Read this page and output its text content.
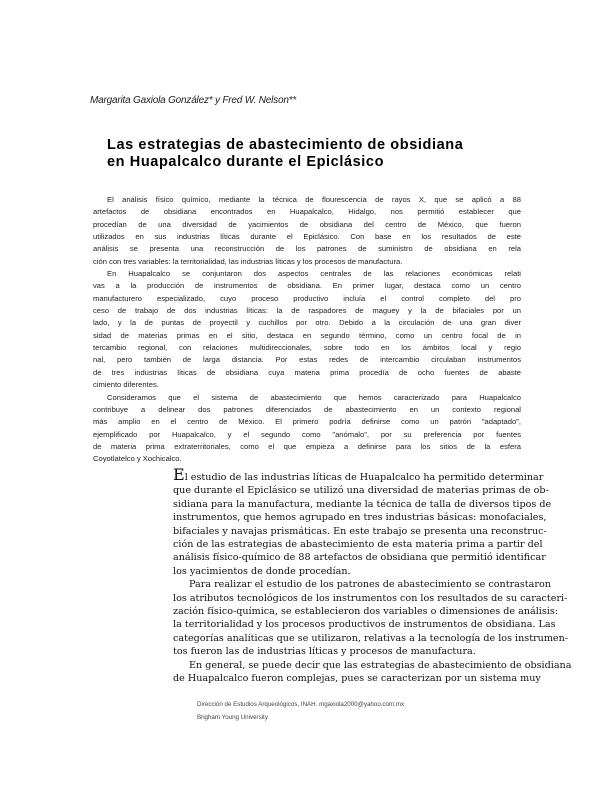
Margarita Gaxiola González* y Fred W. Nelson**
Las estrategias de abastecimiento de obsidiana
en Huapalcalco durante el Epiclásico
El análisis físico químico, mediante la técnica de flourescencia de rayos X, que se aplicó a 88
artefactos de obsidiana encontrados en Huapalcalco, Hidalgo, nos permitió establecer que
procedían de una diversidad de yacimientos de obsidiana del centro de México, que fueron
utilizados en sus industrias líticas durante el Epiclásico. Con base en los resultados de este
análisis se presenta una reconstrucción de los patrones de suministro de obsidiana en rela
ción con tres variables: la territorialidad, las industrias líticas y los procesos de manufactura.
En Huapalcalco se conjuntaron dos aspectos centrales de las relaciones económicas relati
vas a la producción de instrumentos de obsidiana. En primer lugar, destaca como un centro
manufacturero especializado, cuyo proceso productivo incluía el control completo del pro
ceso de trabajo de dos industrias líticas: la de raspadores de maguey y la de bifaciales por un
lado, y la de puntas de proyectil y cuchillos por otro. Debido a la circulación de una gran diver
sidad de materias primas en el sitio, destaca en segundo término, como un centro focal de in
tercambio regional, con relaciones multidireccionales, sobre todo en los ámbitos local y regio
nal, pero también de larga distancia. Por estas redes de intercambio circulaban instrumentos
de tres industrias líticas de obsidiana cuya materia prima procedía de ocho fuentes de abaste
cimiento diferentes.
Consideramos que el sistema de abastecimiento que hemos caracterizado para Huapalcalco
contribuye a delinear dos patrones diferenciados de abastecimiento en un contexto regional
más amplio en el centro de México. El primero podría definirse como un patrón "adaptado",
ejemplificado por Huapalcalco, y el segundo como "anómalo", por su preferencia por fuentes
de materia prima extraterritoriales, como el que empieza a definirse para los sitios de la esfera
Coyotlatelco y Xochicalco.
El estudio de las industrias líticas de Huapalcalco ha permitido determinar
que durante el Epiclásico se utilizó una diversidad de materias primas de ob-
sidiana para la manufactura, mediante la técnica de talla de diversos tipos de
instrumentos, que hemos agrupado en tres industrias básicas: monofaciales,
bifaciales y navajas prismáticas. En este trabajo se presenta una reconstruc-
ción de las estrategias de abastecimiento de esta materia prima a partir del
análisis físico-químico de 88 artefactos de obsidiana que permitió identificar
los yacimientos de donde procedían.
Para realizar el estudio de los patrones de abastecimiento se contrastaron
los atributos tecnológicos de los instrumentos con los resultados de su caracteri-
zación físico-química, se establecieron dos variables o dimensiones de análisis:
la territorialidad y los procesos productivos de instrumentos de obsidiana. Las
categorías analíticas que se utilizaron, relativas a la tecnología de los instrumen-
tos fueron las de industrias líticas y procesos de manufactura.
En general, se puede decir que las estrategias de abastecimiento de obsidiana
de Huapalcalco fueron complejas, pues se caracterizan por un sistema muy
Dirección de Estudios Arqueológicos, INAH. mgaxiola2000@yahoo.com.mx
Brigham Young University
